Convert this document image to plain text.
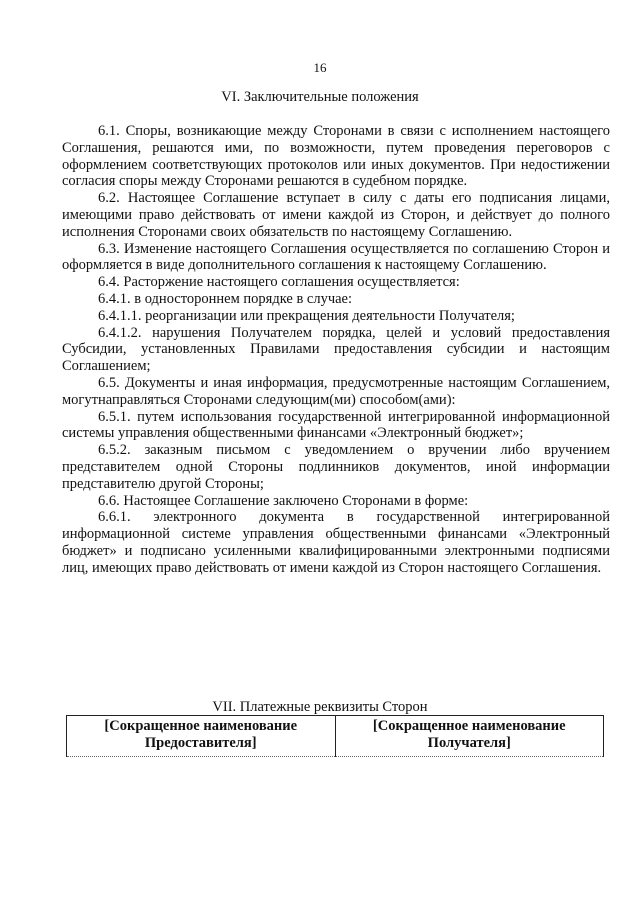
16
VI. Заключительные положения

6.1. Споры, возникающие между Сторонами в связи с исполнением настоящего Соглашения, решаются ими, по возможности, путем проведения переговоров с оформлением соответствующих протоколов или иных документов. При недостижении согласия споры между Сторонами решаются в судебном порядке.

6.2. Настоящее Соглашение вступает в силу с даты его подписания лицами, имеющими право действовать от имени каждой из Сторон, и действует до полного исполнения Сторонами своих обязательств по настоящему Соглашению.

6.3. Изменение настоящего Соглашения осуществляется по соглашению Сторон и оформляется в виде дополнительного соглашения к настоящему Соглашению.

6.4. Расторжение настоящего соглашения осуществляется:

6.4.1. в одностороннем порядке в случае:

6.4.1.1. реорганизации или прекращения деятельности Получателя;

6.4.1.2. нарушения Получателем порядка, целей и условий предоставления Субсидии, установленных Правилами предоставления субсидии и настоящим Соглашением;

6.5. Документы и иная информация, предусмотренные настоящим Соглашением, могутнаправляться Сторонами следующим(ми) способом(ами):

6.5.1. путем использования государственной интегрированной информационной системы управления общественными финансами «Электронный бюджет»;

6.5.2. заказным письмом с уведомлением о вручении либо вручением представителем одной Стороны подлинников документов, иной информации представителю другой Стороны;

6.6. Настоящее Соглашение заключено Сторонами в форме:

6.6.1. электронного документа в государственной интегрированной информационной системе управления общественными финансами «Электронный бюджет» и подписано усиленными квалифицированными электронными подписями лиц, имеющих право действовать от имени каждой из Сторон настоящего Соглашения.

VII. Платежные реквизиты Сторон
[Сокращенное наименование Предоставителя]	[Сокращенное наименование Получателя]
